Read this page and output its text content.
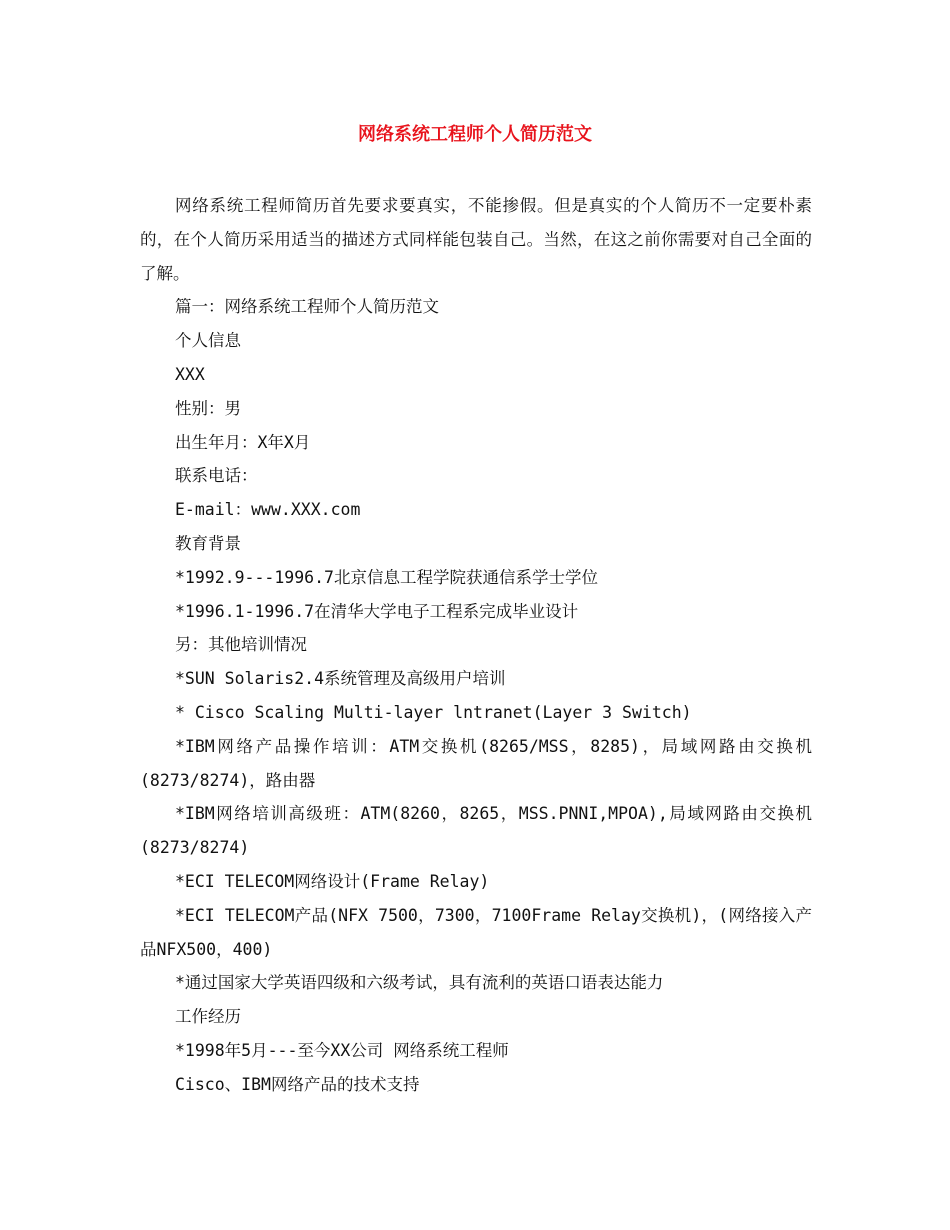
网络系统工程师个人简历范文

网络系统工程师简历首先要求要真实，不能掺假。但是真实的个人简历不一定要朴素的，在个人简历采用适当的描述方式同样能包装自己。当然，在这之前你需要对自己全面的了解。

篇一：网络系统工程师个人简历范文

个人信息

XXX

性别：男

出生年月：X年X月

联系电话：

E-mail：www.XXX.com

教育背景

*1992.9---1996.7北京信息工程学院获通信系学士学位

*1996.1-1996.7在清华大学电子工程系完成毕业设计

另：其他培训情况

*SUN Solaris2.4系统管理及高级用户培训

* Cisco Scaling Multi-layer lntranet(Layer 3 Switch)

*IBM网络产品操作培训：ATM交换机(8265/MSS，8285)，局域网路由交换机(8273/8274)，路由器

*IBM网络培训高级班：ATM(8260，8265，MSS.PNNI,MPOA),局域网路由交换机(8273/8274)

*ECI TELECOM网络设计(Frame Relay)

*ECI TELECOM产品(NFX 7500，7300，7100Frame Relay交换机)，(网络接入产品NFX500，400)

*通过国家大学英语四级和六级考试，具有流利的英语口语表达能力

工作经历

*1998年5月---至今XX公司 网络系统工程师

Cisco、IBM网络产品的技术支持
